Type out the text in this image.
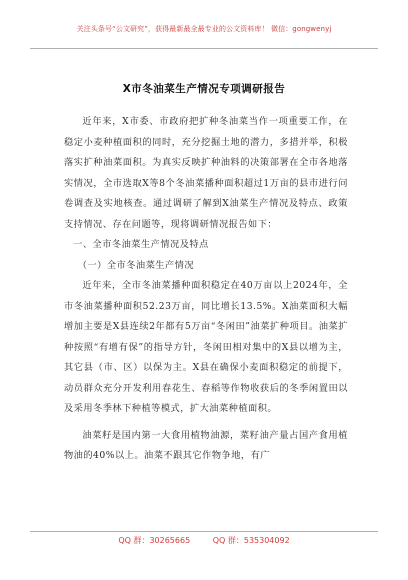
关注头条号“公文研究”，获得最新最全最专业的公文资料库！ 微信：gongwenyj
X市冬油菜生产情况专项调研报告

近年来，X市委、市政府把扩种冬油菜当作一项重要工作，在稳定小麦种植面积的同时，充分挖掘土地的潜力，多措并举，积极落实扩种油菜面积。为真实反映扩种油料的决策部署在全市各地落实情况，全市选取X等8个冬油菜播种面积超过1万亩的县市进行问卷调查及实地核查。通过调研了解到X油菜生产情况及特点、政策支持情况、存在问题等，现将调研情况报告如下：

一、全市冬油菜生产情况及特点
（一）全市冬油菜生产情况

近年来，全市冬油菜播种面积稳定在40万亩以上2024年，全市冬油菜播种面积52.23万亩，同比增长13.5%。X油菜面积大幅增加主要是X县连续2年都有5万亩“冬闲田”油菜扩种项目。油菜扩种按照“有增有保”的指导方针，冬闲田相对集中的X县以增为主，其它县（市、区）以保为主。X县在确保小麦面积稳定的前提下，动员群众充分开发利用春花生、春稻等作物收获后的冬季闲置田以及采用冬季林下种植等模式，扩大油菜种植面积。

油菜籽是国内第一大食用植物油源，菜籽油产量占国产食用植物油的40%以上。油菜不跟其它作物争地，有广

QQ 群：30265665	QQ 群：535304092
